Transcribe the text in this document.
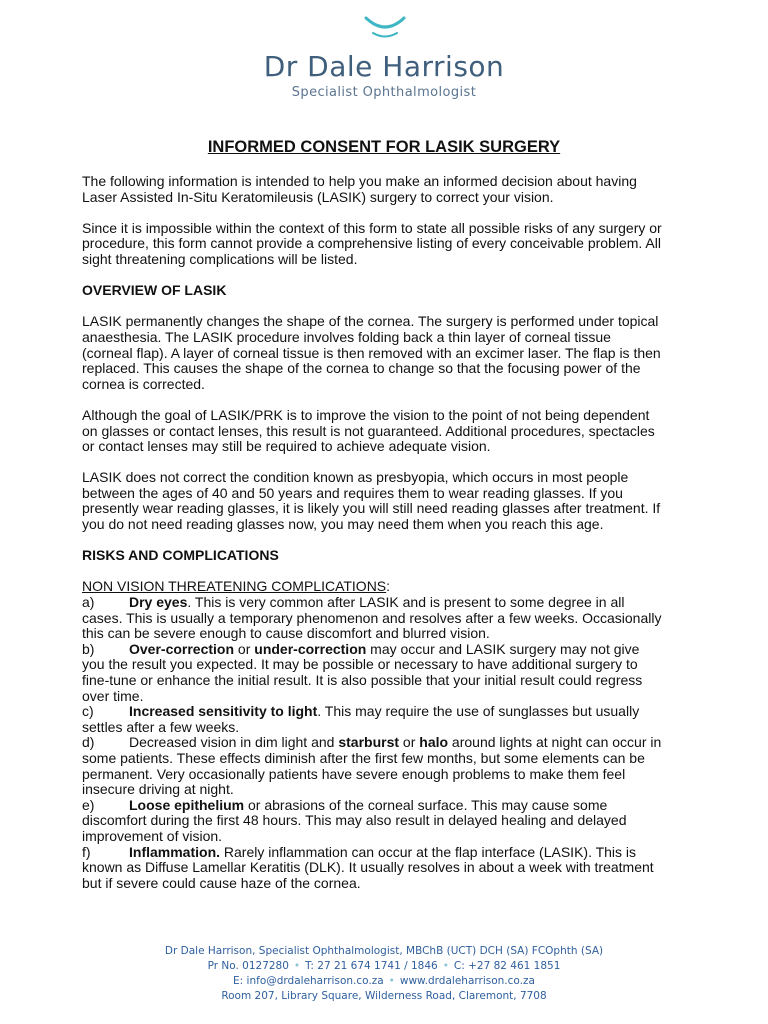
Dr Dale Harrison
Specialist Ophthalmologist
INFORMED CONSENT FOR LASIK SURGERY

The following information is intended to help you make an informed decision about having Laser Assisted In-Situ Keratomileusis (LASIK) surgery to correct your vision.

Since it is impossible within the context of this form to state all possible risks of any surgery or procedure, this form cannot provide a comprehensive listing of every conceivable problem. All sight threatening complications will be listed.

OVERVIEW OF LASIK

LASIK permanently changes the shape of the cornea. The surgery is performed under topical anaesthesia. The LASIK procedure involves folding back a thin layer of corneal tissue (corneal flap). A layer of corneal tissue is then removed with an excimer laser. The flap is then replaced. This causes the shape of the cornea to change so that the focusing power of the cornea is corrected.

Although the goal of LASIK/PRK is to improve the vision to the point of not being dependent on glasses or contact lenses, this result is not guaranteed. Additional procedures, spectacles or contact lenses may still be required to achieve adequate vision.

LASIK does not correct the condition known as presbyopia, which occurs in most people between the ages of 40 and 50 years and requires them to wear reading glasses. If you presently wear reading glasses, it is likely you will still need reading glasses after treatment. If you do not need reading glasses now, you may need them when you reach this age.

RISKS AND COMPLICATIONS
NON VISION THREATENING COMPLICATIONS:
a) Dry eyes. This is very common after LASIK and is present to some degree in all cases. This is usually a temporary phenomenon and resolves after a few weeks. Occasionally this can be severe enough to cause discomfort and blurred vision.
b) Over-correction or under-correction may occur and LASIK surgery may not give you the result you expected. It may be possible or necessary to have additional surgery to fine-tune or enhance the initial result. It is also possible that your initial result could regress over time.
c)	Increased sensitivity to light. This may require the use of sunglasses but usually settles after a few weeks.
d) Decreased vision in dim light and starburst or halo around lights at night can occur in some patients. These effects diminish after the first few months, but some elements can be permanent. Very occasionally patients have severe enough problems to make them feel insecure driving at night.
e) Loose epithelium or abrasions of the corneal surface. This may cause some discomfort during the first 48 hours. This may also result in delayed healing and delayed improvement of vision.
f)	Inflammation. Rarely inflammation can occur at the flap interface (LASIK). This is known as Diffuse Lamellar Keratitis (DLK). It usually resolves in about a week with treatment but if severe could cause haze of the cornea.
Dr Dale Harrison, Specialist Ophthalmologist, MBChB (UCT) DCH (SA) FCOphth (SA)
Pr No. 0127280 • T: 27 21 674 1741 / 1846 • C: +27 82 461 1851
E: info@drdaleharrison.co.za • www.drdaleharrison.co.za
Room 207, Library Square, Wilderness Road, Claremont, 7708
